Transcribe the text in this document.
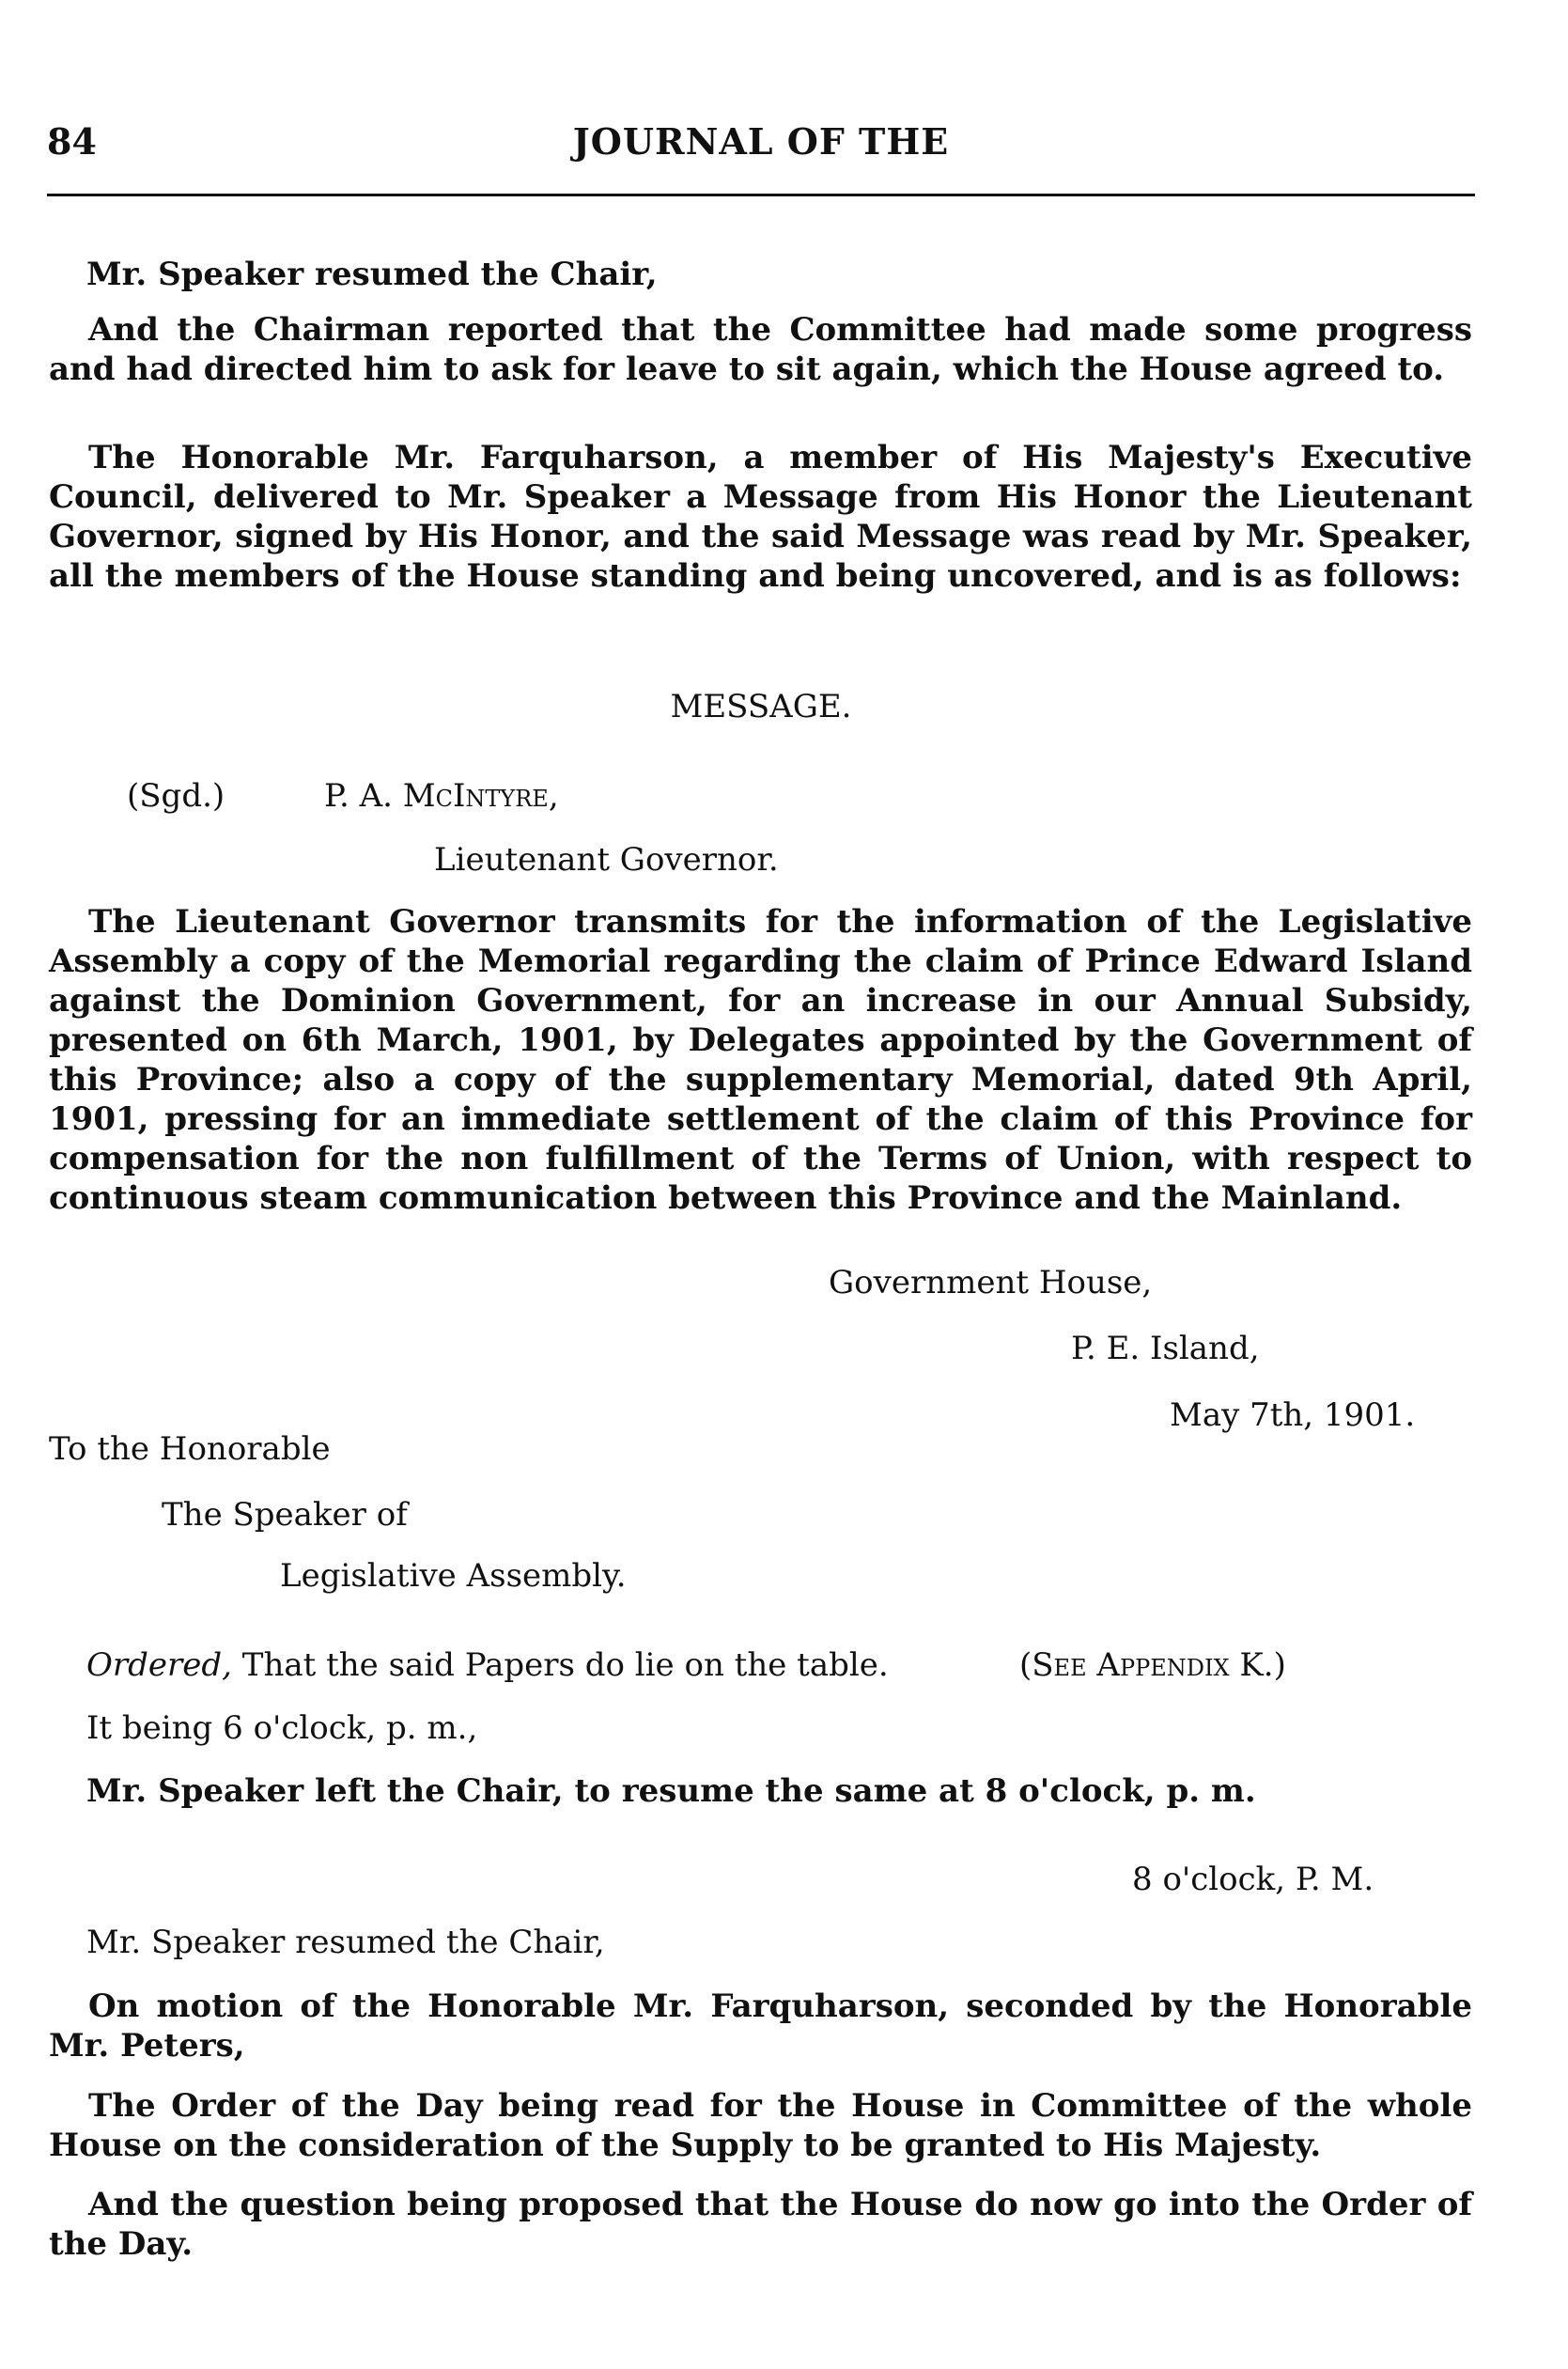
84	JOURNAL OF THE
Mr. Speaker resumed the Chair,
And the Chairman reported that the Committee had made some progress and had directed him to ask for leave to sit again, which the House agreed to.
The Honorable Mr. Farquharson, a member of His Majesty's Executive Council, delivered to Mr. Speaker a Message from His Honor the Lieutenant Governor, signed by His Honor, and the said Message was read by Mr. Speaker, all the members of the House standing and being uncovered, and is as follows:
MESSAGE.
(Sgd.)	P. A. McIntyre,
Lieutenant Governor.
The Lieutenant Governor transmits for the information of the Legislative Assembly a copy of the Memorial regarding the claim of Prince Edward Island against the Dominion Government, for an increase in our Annual Subsidy, presented on 6th March, 1901, by Delegates appointed by the Government of this Province; also a copy of the supplementary Memorial, dated 9th April, 1901, pressing for an immediate settlement of the claim of this Province for compensation for the non fulfillment of the Terms of Union, with respect to continuous steam communication between this Province and the Mainland.
Government House,
P. E. Island,
May 7th, 1901.
To the Honorable
The Speaker of
Legislative Assembly.
Ordered, That the said Papers do lie on the table.	(See Appendix K.)
It being 6 o'clock, p. m.,
Mr. Speaker left the Chair, to resume the same at 8 o'clock, p. m.
8 o'clock, P. M.
Mr. Speaker resumed the Chair,
On motion of the Honorable Mr. Farquharson, seconded by the Honorable Mr. Peters,
The Order of the Day being read for the House in Committee of the whole House on the consideration of the Supply to be granted to His Majesty.
And the question being proposed that the House do now go into the Order of the Day.
